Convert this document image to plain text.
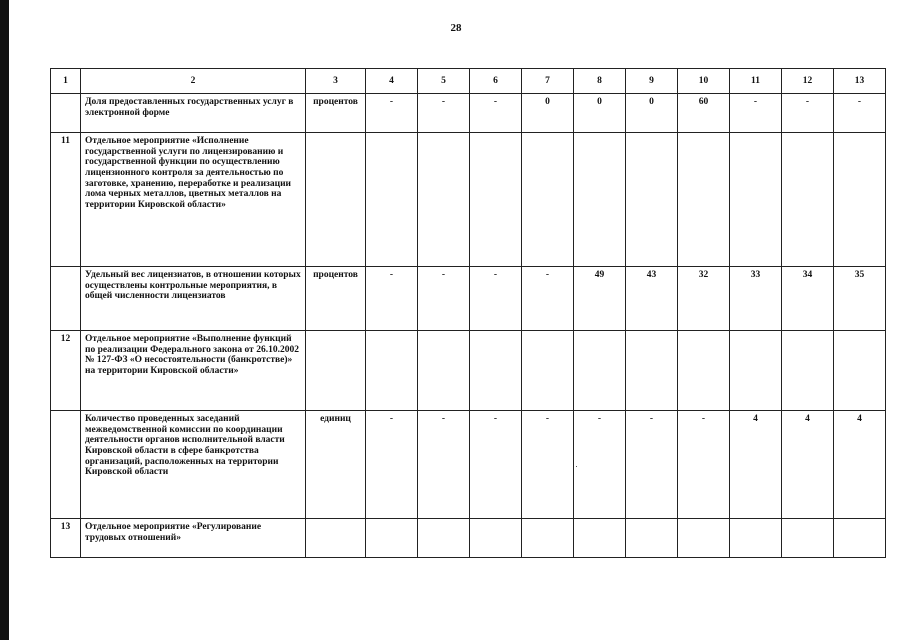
28
1	2	3	4	5	6	7	8	9	10	11	12	13
	Доля предоставленных государственных услуг в электронной форме	процентов	-	-	-	0	0	0	60	-	-	-
11	Отдельное мероприятие «Исполнение государственной услуги по лицензированию и государственной функции по осуществлению лицензионного контроля за деятельностью по заготовке, хранению, переработке и реализации лома черных металлов, цветных металлов на территории Кировской области»											
	Удельный вес лицензиатов, в отношении которых осуществлены контрольные мероприятия, в общей численности лицензиатов	процентов	-	-	-	-	49	43	32	33	34	35
12	Отдельное мероприятие «Выполнение функций по реализации Федерального закона от 26.10.2002 № 127-ФЗ «О несостоятельности (банкротстве)» на территории Кировской области»											
	Количество проведенных заседаний межведомственной комиссии по координации деятельности органов исполнительной власти Кировской области в сфере банкротства организаций, расположенных на территории Кировской области	единиц	-	-	-	-	-	-	-	4	4	4
13	Отдельное мероприятие «Регулирование трудовых отношений»											
